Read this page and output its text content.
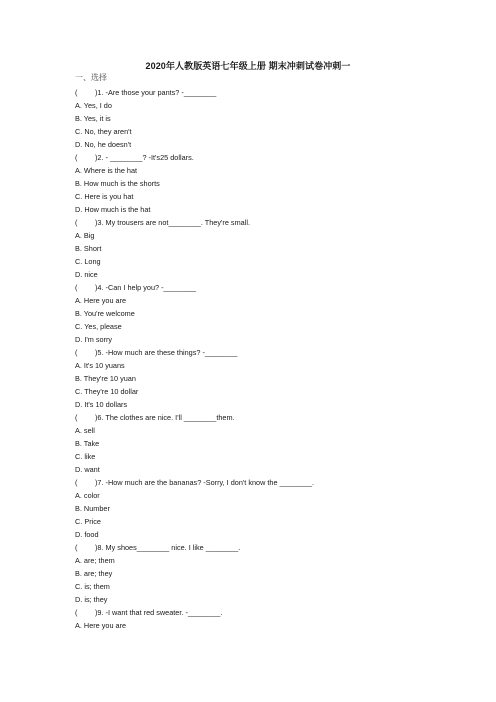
2020年人教版英语七年级上册 期末冲刺试卷冲刺一
一、选择
( )1. -Are those your pants? -________
A. Yes, I do
B. Yes, it is
C. No, they aren't
D. No, he doesn't
( )2. - ________? -It's25 dollars.
A. Where is the hat
B. How much is the shorts
C. Here is you hat
D. How much is the hat
( )3. My trousers are not________. They're small.
A. Big
B. Short
C. Long
D. nice
( )4. -Can I help you? -________
A. Here you are
B. You're welcome
C. Yes, please
D. I'm sorry
( )5. -How much are these things? -________
A. It's 10 yuans
B. They're 10 yuan
C. They're 10 dollar
D. It's 10 dollars
( )6. The clothes are nice. I'll ________them.
A. sell
B. Take
C. like
D. want
( )7. -How much are the bananas? -Sorry, I don't know the ________.
A. color
B. Number
C. Price
D. food
( )8. My shoes________ nice. I like ________.
A. are; them
B. are; they
C. is; them
D. is; they
( )9. -I want that red sweater. -________.
A. Here you are
